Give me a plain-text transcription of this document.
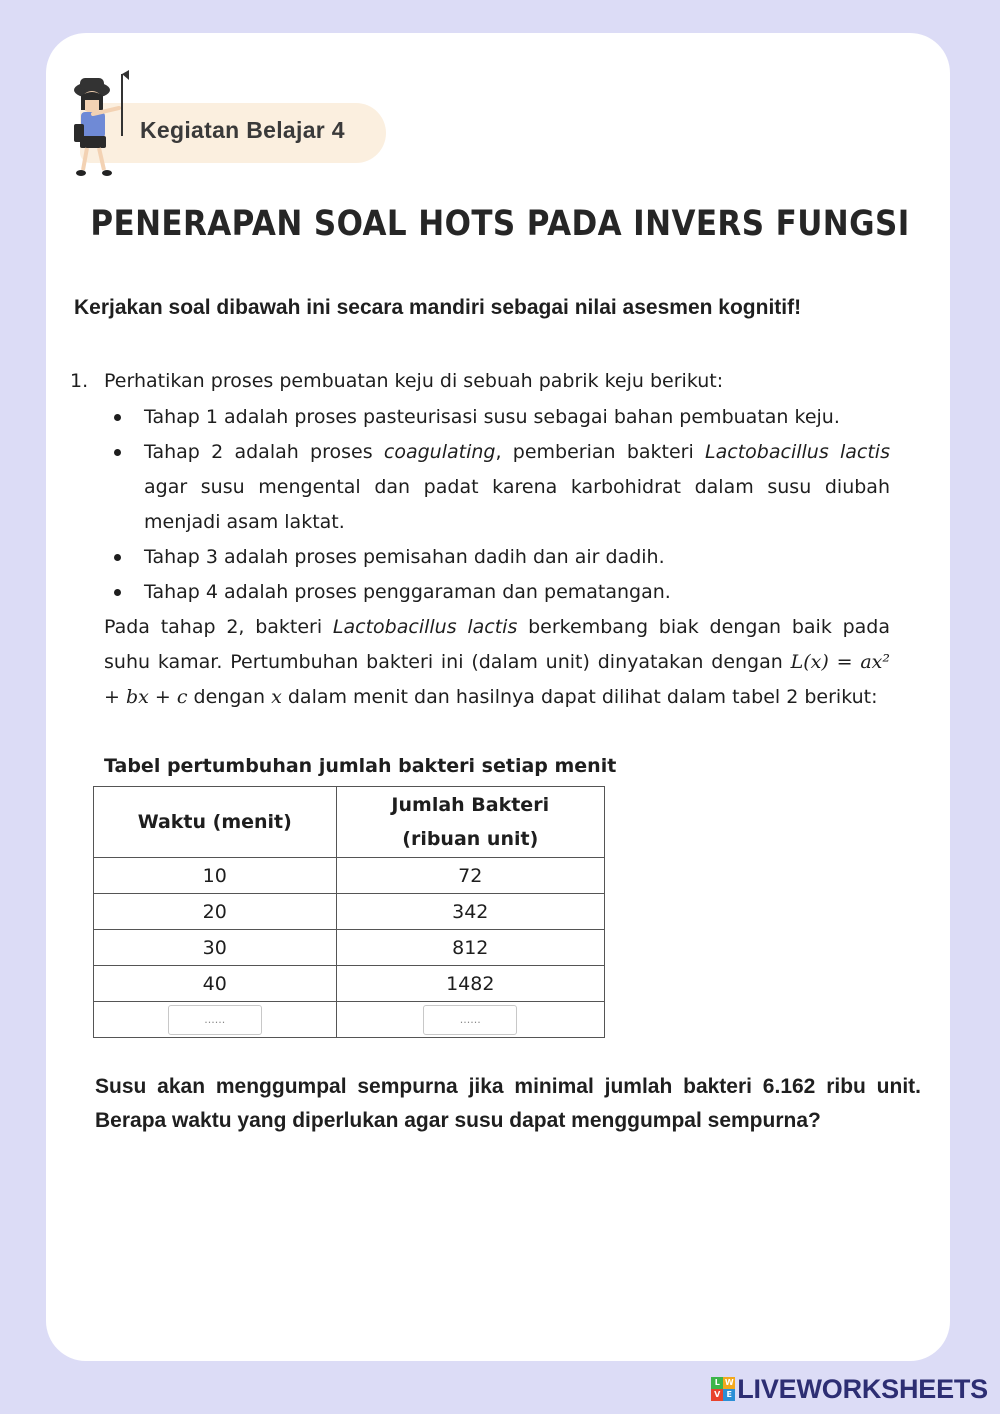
Kegiatan Belajar 4
PENERAPAN SOAL HOTS PADA INVERS FUNGSI
Kerjakan soal dibawah ini secara mandiri sebagai nilai asesmen kognitif!
1. Perhatikan proses pembuatan keju di sebuah pabrik keju berikut:
Tahap 1 adalah proses pasteurisasi susu sebagai bahan pembuatan keju.
Tahap 2 adalah proses coagulating, pemberian bakteri Lactobacillus lactis agar susu mengental dan padat karena karbohidrat dalam susu diubah menjadi asam laktat.
Tahap 3 adalah proses pemisahan dadih dan air dadih.
Tahap 4 adalah proses penggaraman dan pematangan.
Pada tahap 2, bakteri Lactobacillus lactis berkembang biak dengan baik pada suhu kamar. Pertumbuhan bakteri ini (dalam unit) dinyatakan dengan L(x) = ax² + bx + c dengan x dalam menit dan hasilnya dapat dilihat dalam tabel 2 berikut:
Tabel pertumbuhan jumlah bakteri setiap menit
Waktu (menit)	Jumlah Bakteri
(ribuan unit)

10	72
20	342
30	812
40	1482
......	......
Susu akan menggumpal sempurna jika minimal jumlah bakteri 6.162 ribu unit. Berapa waktu yang diperlukan agar susu dapat menggumpal sempurna?
L W
V E LIVEWORKSHEETS
